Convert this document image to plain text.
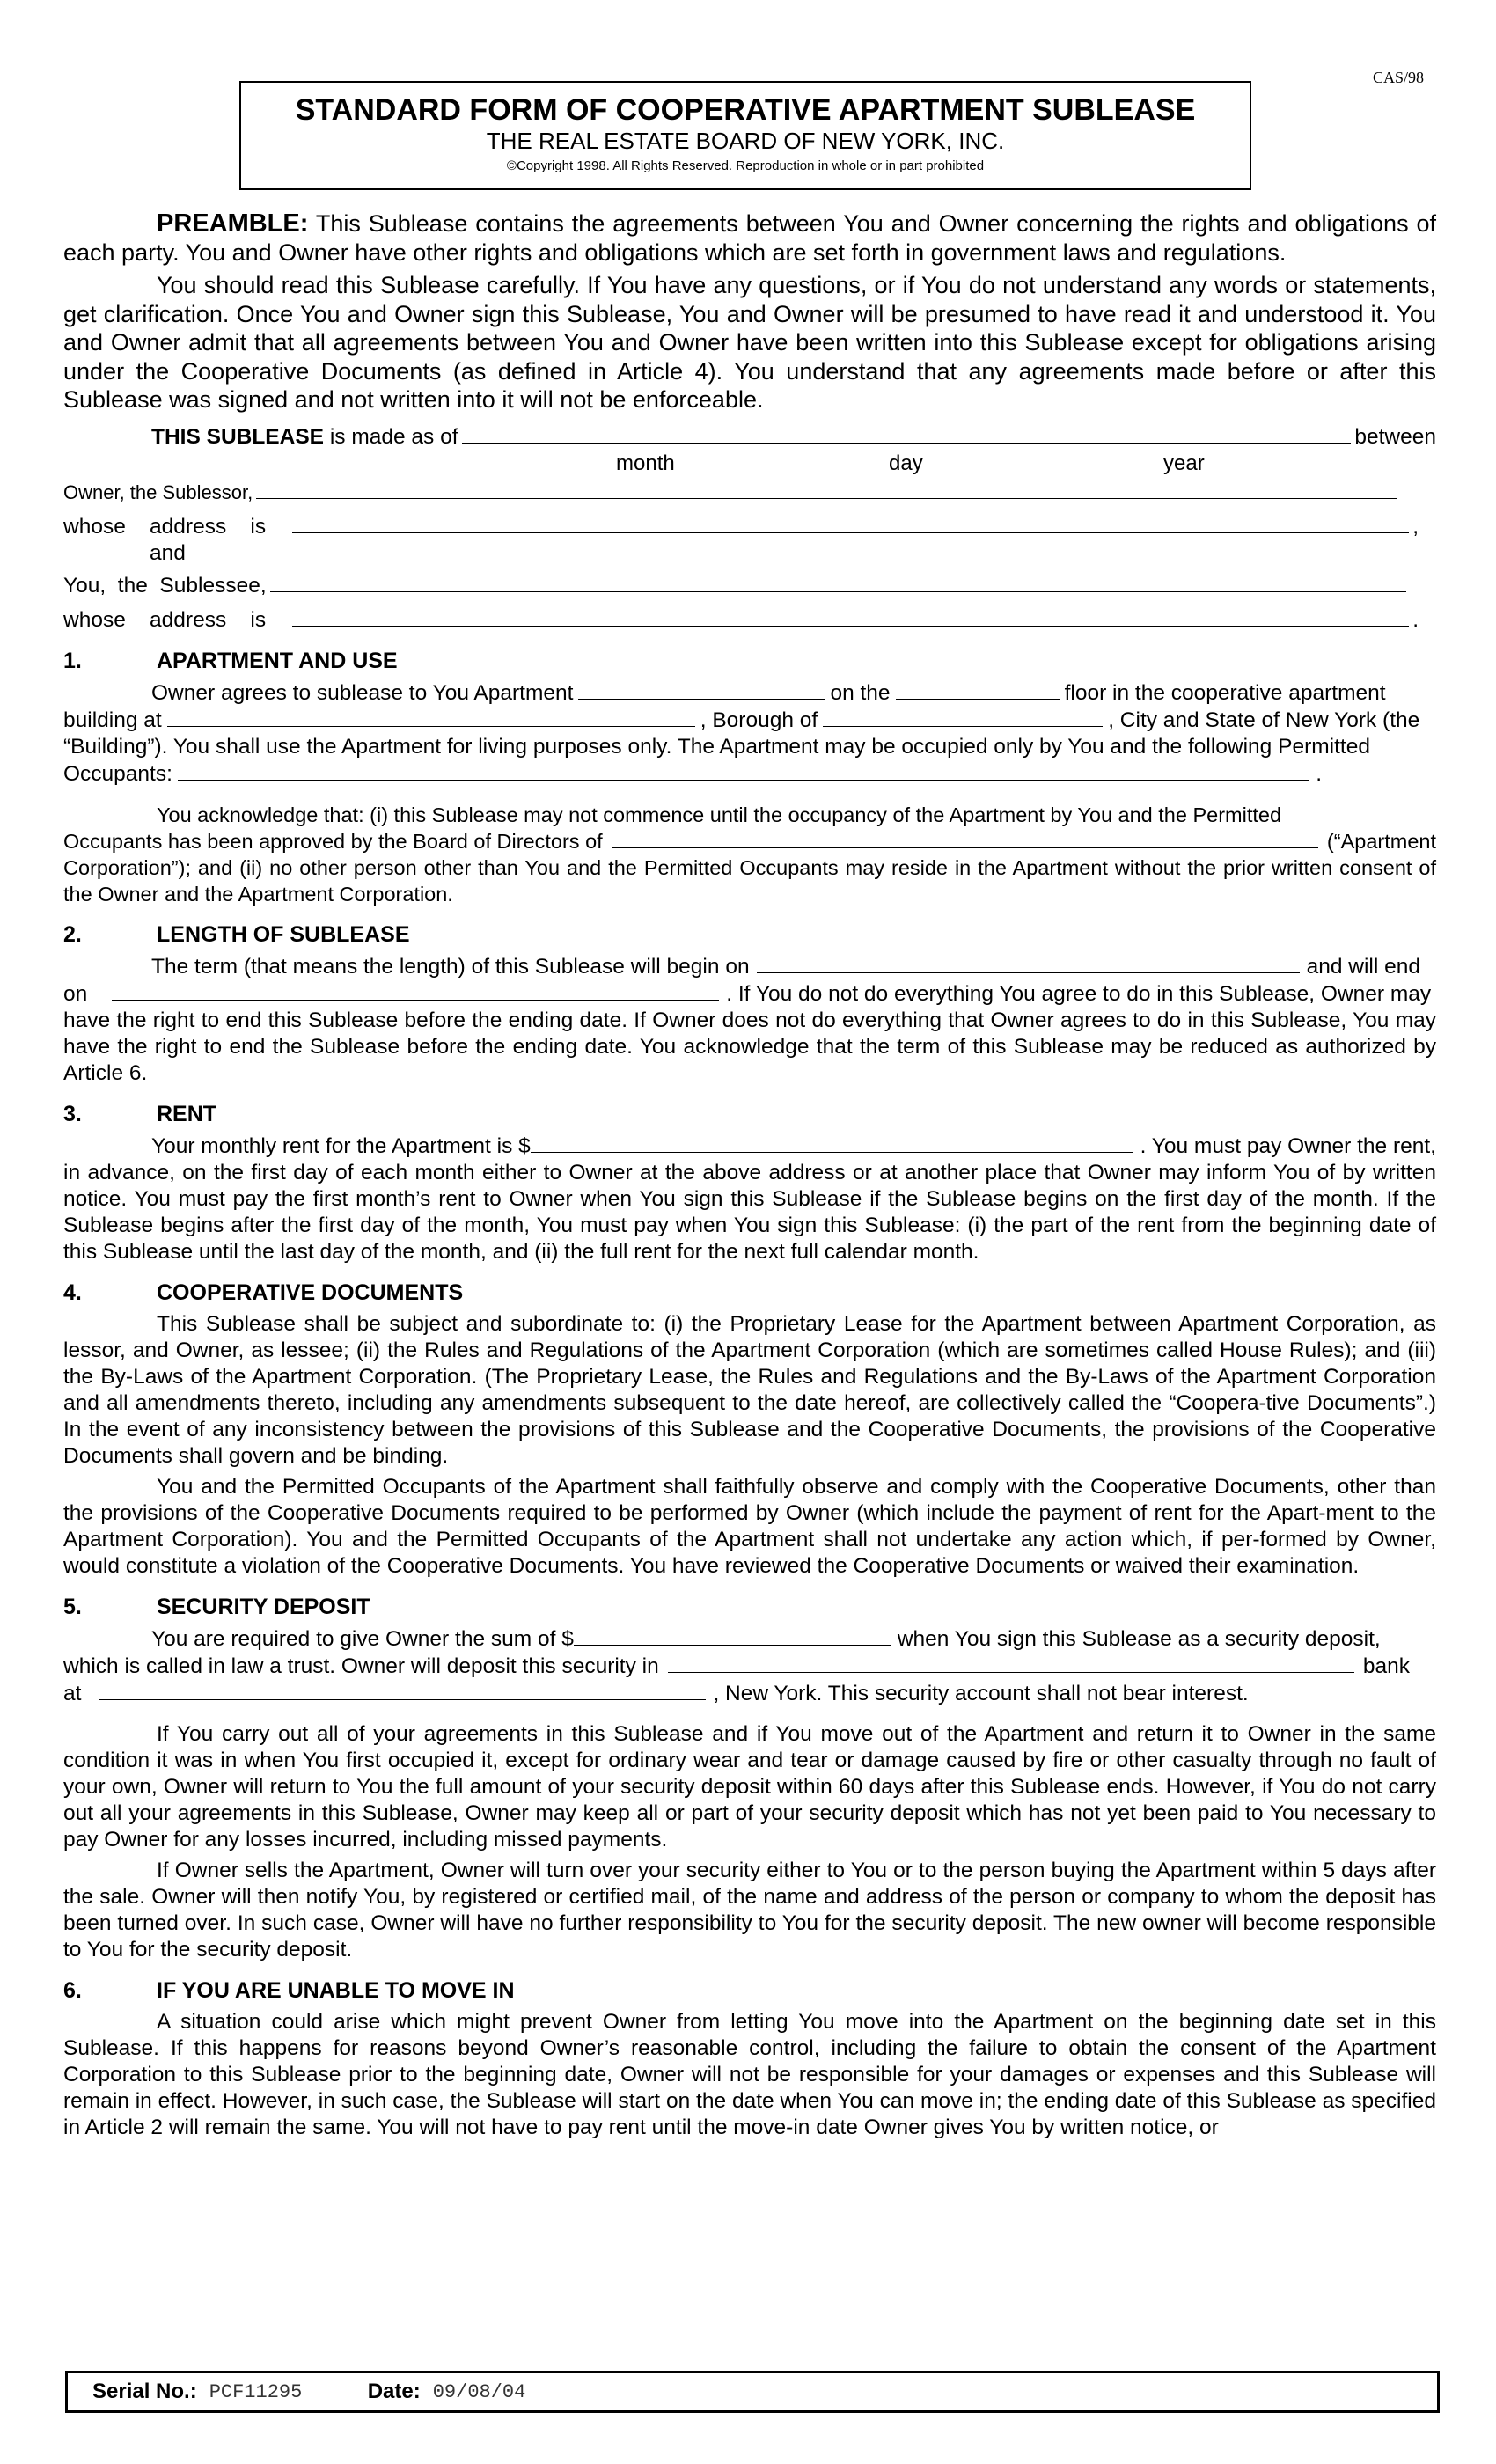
CAS/98
STANDARD FORM OF COOPERATIVE APARTMENT SUBLEASE
THE REAL ESTATE BOARD OF NEW YORK, INC.
©Copyright 1998. All Rights Reserved. Reproduction in whole or in part prohibited

PREAMBLE: This Sublease contains the agreements between You and Owner concerning the rights and obligations of each party. You and Owner have other rights and obligations which are set forth in government laws and regulations.

You should read this Sublease carefully. If You have any questions, or if You do not understand any words or statements, get clarification. Once You and Owner sign this Sublease, You and Owner will be presumed to have read it and understood it. You and Owner admit that all agreements between You and Owner have been written into this Sublease except for obligations arising under the Cooperative Documents (as defined in Article 4). You understand that any agreements made before or after this Sublease was signed and not written into it will not be enforceable.

THIS SUBLEASE
is made as of	between
month	day	year
Owner, the Sublessor,
whose    address    is	,
and
You,  the  Sublessee,
whose    address    is	.
1.	APARTMENT AND USE
Owner agrees to sublease to You Apartment	on the	floor in the cooperative apartment
building at	, Borough of	, City and State of New York (the

“Building”). You shall use the Apartment for living purposes only. The Apartment may be occupied only by You and the following Permitted

Occupants:	.
You acknowledge that: (i) this Sublease may not commence until the occupancy of the Apartment by You and the Permitted
Occupants has been approved by the Board of Directors of	(“Apartment

Corporation”); and (ii) no other person other than You and the Permitted Occupants may reside in the Apartment without the prior written consent of the Owner and the Apartment Corporation.

2.	LENGTH OF SUBLEASE
The term (that means the length) of this Sublease will begin on	and will end
on	. If You do not do everything You agree to do in this Sublease, Owner may

have the right to end this Sublease before the ending date. If Owner does not do everything that Owner agrees to do in this Sublease, You may have the right to end the Sublease before the ending date. You acknowledge that the term of this Sublease may be reduced as authorized by Article 6.

3.	RENT
Your monthly rent for the Apartment is $	. You must pay Owner the rent,

in advance, on the first day of each month either to Owner at the above address or at another place that Owner may inform You of by written notice. You must pay the first month’s rent to Owner when You sign this Sublease if the Sublease begins on the first day of the month. If the Sublease begins after the first day of the month, You must pay when You sign this Sublease: (i) the part of the rent from the beginning date of this Sublease until the last day of the month, and (ii) the full rent for the next full calendar month.

4.	COOPERATIVE DOCUMENTS

This Sublease shall be subject and subordinate to: (i) the Proprietary Lease for the Apartment between Apartment Corporation, as lessor, and Owner, as lessee; (ii) the Rules and Regulations of the Apartment Corporation (which are sometimes called House Rules); and (iii) the By-Laws of the Apartment Corporation. (The Proprietary Lease, the Rules and Regulations and the By-Laws of the Apartment Corporation and all amendments thereto, including any amendments subsequent to the date hereof, are collectively called the “Coopera-tive Documents”.) In the event of any inconsistency between the provisions of this Sublease and the Cooperative Documents, the provisions of the Cooperative Documents shall govern and be binding.

You and the Permitted Occupants of the Apartment shall faithfully observe and comply with the Cooperative Documents, other than the provisions of the Cooperative Documents required to be performed by Owner (which include the payment of rent for the Apart-ment to the Apartment Corporation). You and the Permitted Occupants of the Apartment shall not undertake any action which, if per-formed by Owner, would constitute a violation of the Cooperative Documents. You have reviewed the Cooperative Documents or waived their examination.

5.	SECURITY DEPOSIT
You are required to give Owner the sum of $	when You sign this Sublease as a security deposit,
which is called in law a trust. Owner will deposit this security in	bank
at	, New York. This security account shall not bear interest.

If You carry out all of your agreements in this Sublease and if You move out of the Apartment and return it to Owner in the same condition it was in when You first occupied it, except for ordinary wear and tear or damage caused by fire or other casualty through no fault of your own, Owner will return to You the full amount of your security deposit within 60 days after this Sublease ends. However, if You do not carry out all your agreements in this Sublease, Owner may keep all or part of your security deposit which has not yet been paid to You necessary to pay Owner for any losses incurred, including missed payments.

If Owner sells the Apartment, Owner will turn over your security either to You or to the person buying the Apartment within 5 days after the sale. Owner will then notify You, by registered or certified mail, of the name and address of the person or company to whom the deposit has been turned over. In such case, Owner will have no further responsibility to You for the security deposit. The new owner will become responsible to You for the security deposit.

6.	IF YOU ARE UNABLE TO MOVE IN

A situation could arise which might prevent Owner from letting You move into the Apartment on the beginning date set in this Sublease. If this happens for reasons beyond Owner’s reasonable control, including the failure to obtain the consent of the Apartment Corporation to this Sublease prior to the beginning date, Owner will not be responsible for your damages or expenses and this Sublease will remain in effect. However, in such case, the Sublease will start on the date when You can move in; the ending date of this Sublease as specified in Article 2 will remain the same. You will not have to pay rent until the move-in date Owner gives You by written notice, or

Serial No.: PCF11295	Date: 09/08/04
